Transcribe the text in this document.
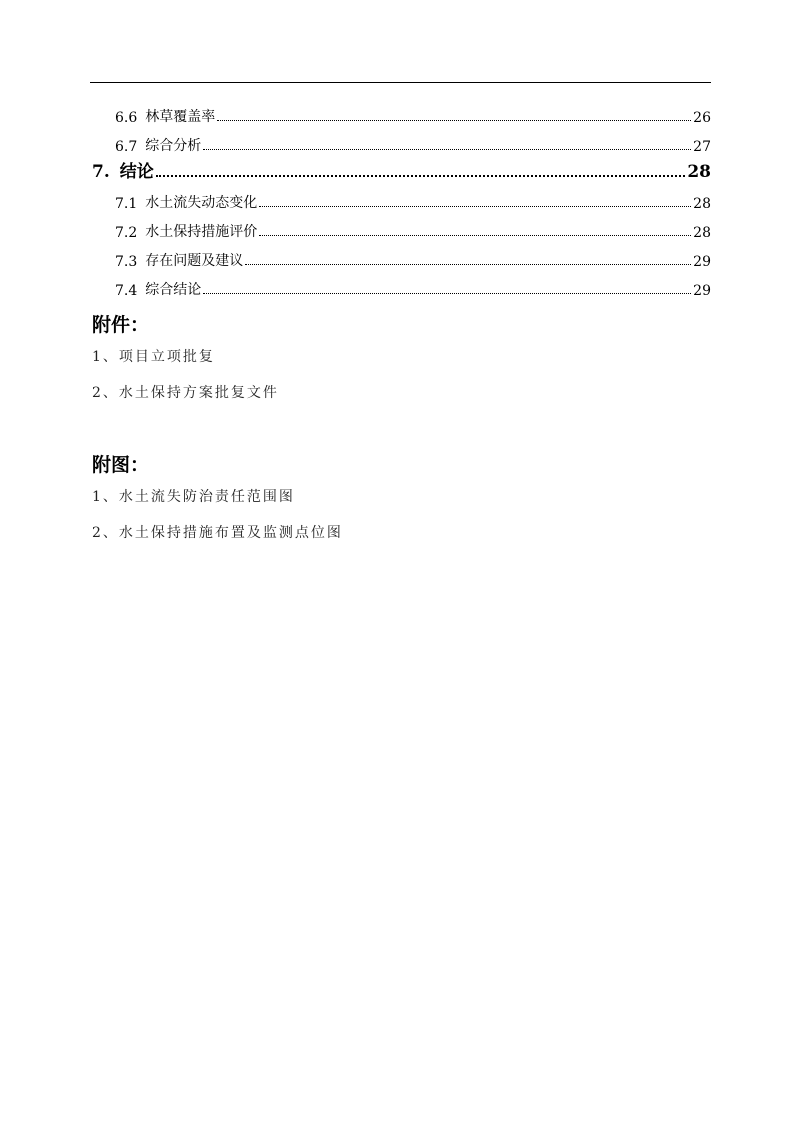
6.6 林草覆盖率	26
6.7 综合分析	27
7. 结论	28
7.1 水土流失动态变化	28
7.2 水土保持措施评价	28
7.3 存在问题及建议	29
7.4 综合结论	29
附件：
1、项目立项批复
2、水土保持方案批复文件
附图：
1、水土流失防治责任范围图
2、水土保持措施布置及监测点位图
